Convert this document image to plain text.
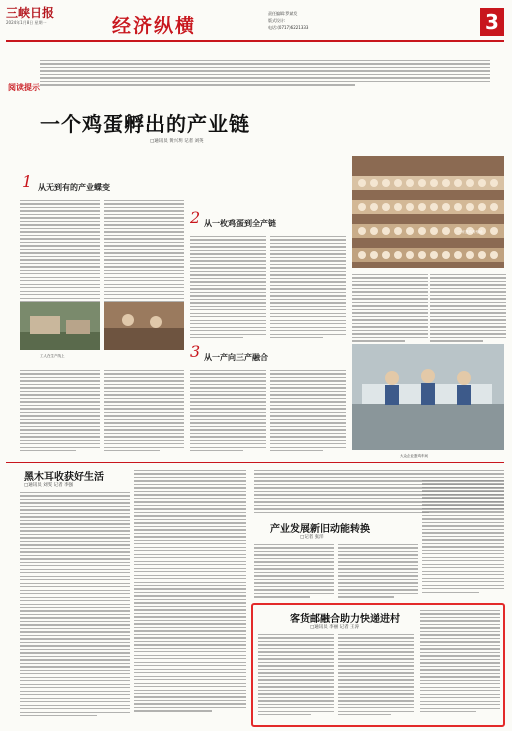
三峡日报
2024年1月8日 星期一	经济纵横
责任编辑:罗斌发
版式设计:
电话:(0717)6221333	3
阅读提示
一个鸡蛋孵出的产业链
□通讯员 黄兴玥 记者 刘英
1 从无到有的产业蝶变
2 从一枚鸡蛋到全产链
一家蛋鸡养殖场
工人在生产线上	3 从一产向三产融合
大众企业蛋鸡车间
黑木耳收获好生活
□通讯员 刘雯 记者 李强
产业发展新旧动能转换
□记者 张洋
客货邮融合助力快递进村
□通讯员 李丽 记者 王涛
